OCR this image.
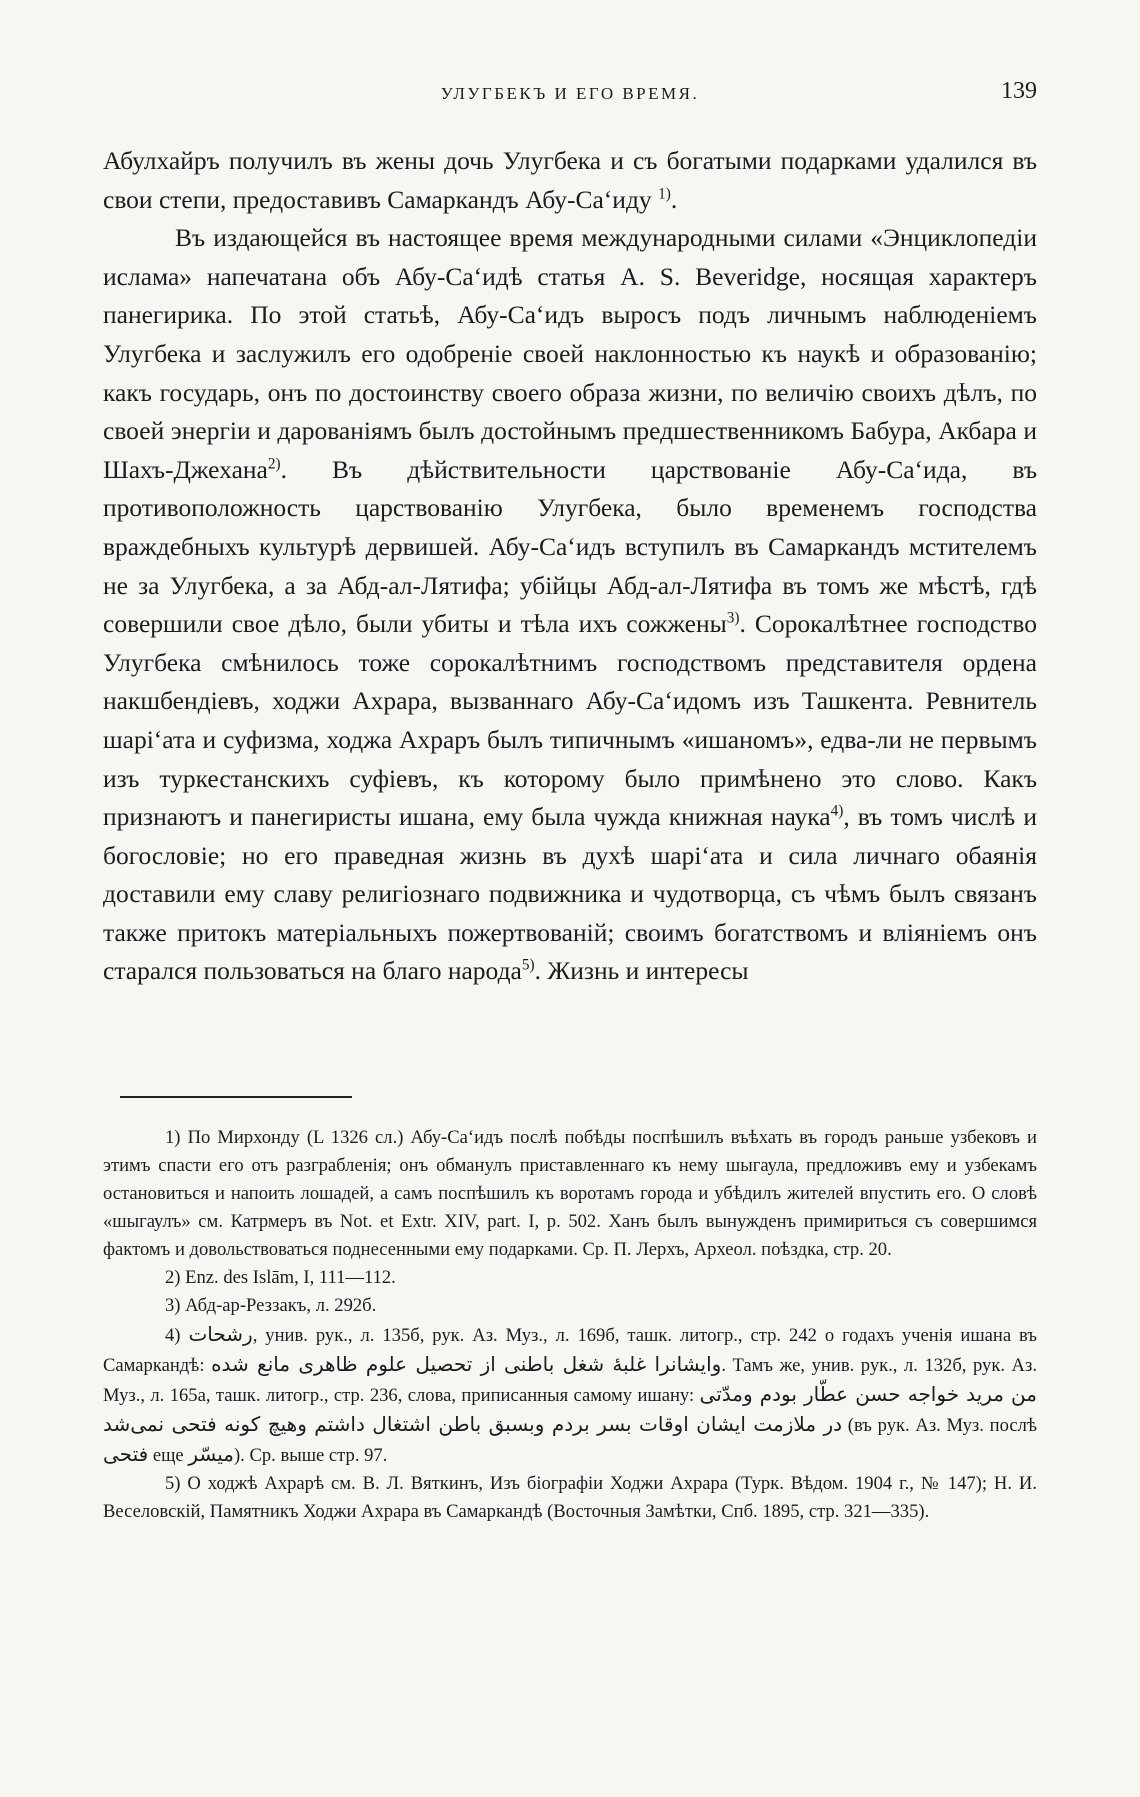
УЛУГБЕКЪ И ЕГО ВРЕМЯ.	139

Абулхайръ получилъ въ жены дочь Улугбека и съ богатыми подарками удалился въ свои степи, предоставивъ Самаркандъ Абу-Са‘иду $^{1)}$.

Въ издающейся въ настоящее время международными силами «Энциклопедіи ислама» напечатана объ Абу-Са‘идѣ статья A. S. Beveridge, носящая характеръ панегирика. По этой статьѣ, Абу-Са‘идъ выросъ подъ личнымъ наблюденіемъ Улугбека и заслужилъ его одобреніе своей наклонностью къ наукѣ и образованію; какъ государь, онъ по достоинству своего образа жизни, по величію своихъ дѣлъ, по своей энергіи и дарованіямъ былъ достойнымъ предшественникомъ Бабура, Акбара и Шахъ-Джехана$^{2)}$. Въ дѣйствительности царствованіе Абу-Са‘ида, въ противоположность царствованію Улугбека, было временемъ господства враждебныхъ культурѣ дервишей. Абу-Са‘идъ вступилъ въ Самаркандъ мстителемъ не за Улугбека, а за Абд-ал-Лятифа; убійцы Абд-ал-Лятифа въ томъ же мѣстѣ, гдѣ совершили свое дѣло, были убиты и тѣла ихъ сожжены$^{3)}$. Сорокалѣтнее господство Улугбека смѣнилось тоже сорокалѣтнимъ господствомъ представителя ордена накшбендіевъ, ходжи Ахрара, вызваннаго Абу-Са‘идомъ изъ Ташкента. Ревнитель шарі‘ата и суфизма, ходжа Ахраръ былъ типичнымъ «ишаномъ», едва-ли не первымъ изъ туркестанскихъ суфіевъ, къ которому было примѣнено это слово. Какъ признаютъ и панегиристы ишана, ему была чужда книжная наука$^{4)}$, въ томъ числѣ и богословіе; но его праведная жизнь въ духѣ шарі‘ата и сила личнаго обаянія доставили ему славу религіознаго подвижника и чудотворца, съ чѣмъ былъ связанъ также притокъ матеріальныхъ пожертвованій; своимъ богатствомъ и вліяніемъ онъ старался пользоваться на благо народа$^{5)}$. Жизнь и интересы

1) По Мирхонду (L 1326 сл.) Абу-Са‘идъ послѣ побѣды поспѣшилъ въѣхать въ городъ раньше узбековъ и этимъ спасти его отъ разграбленія; онъ обманулъ приставленнаго къ нему шыгаула, предложивъ ему и узбекамъ остановиться и напоить лошадей, а самъ поспѣшилъ къ воротамъ города и убѣдилъ жителей впустить его. О словѣ «шыгаулъ» см. Катрмеръ въ Not. et Extr. XIV, part. I, p. 502. Ханъ былъ вынужденъ примириться съ совершимся фактомъ и довольствоваться поднесенными ему подарками. Ср. П. Лерхъ, Археол. поѣздка, стр. 20.

2) Enz. des Islām, I, 111—112.

3) Абд-ар-Реззакъ, л. 292б.

4) رشحات, унив. рук., л. 135б, рук. Аз. Муз., л. 169б, ташк. литогр., стр. 242 о годахъ ученія ишана въ Самаркандѣ: وايشانرا غلبهٔ شغل باطنی از تحصیل علوم ظاهری مانع شده. Тамъ же, унив. рук., л. 132б, рук. Аз. Муз., л. 165а, ташк. литогр., стр. 236, слова, приписанныя самому ишану: من مرید خواجه حسن عطّار بودم ومدّتی در ملازمت ایشان اوقات بسر بردم وبسبق باطن اشتغال داشتم وهیچ کونه فتحی نمی‌شد (въ рук. Аз. Муз. послѣ فتحی еще میسّر). Ср. выше стр. 97.

5) О ходжѣ Ахрарѣ см. В. Л. Вяткинъ, Изъ біографіи Ходжи Ахрара (Турк. Вѣдом. 1904 г., № 147); Н. И. Веселовскій, Памятникъ Ходжи Ахрара въ Самаркандѣ (Восточныя Замѣтки, Спб. 1895, стр. 321—335).
